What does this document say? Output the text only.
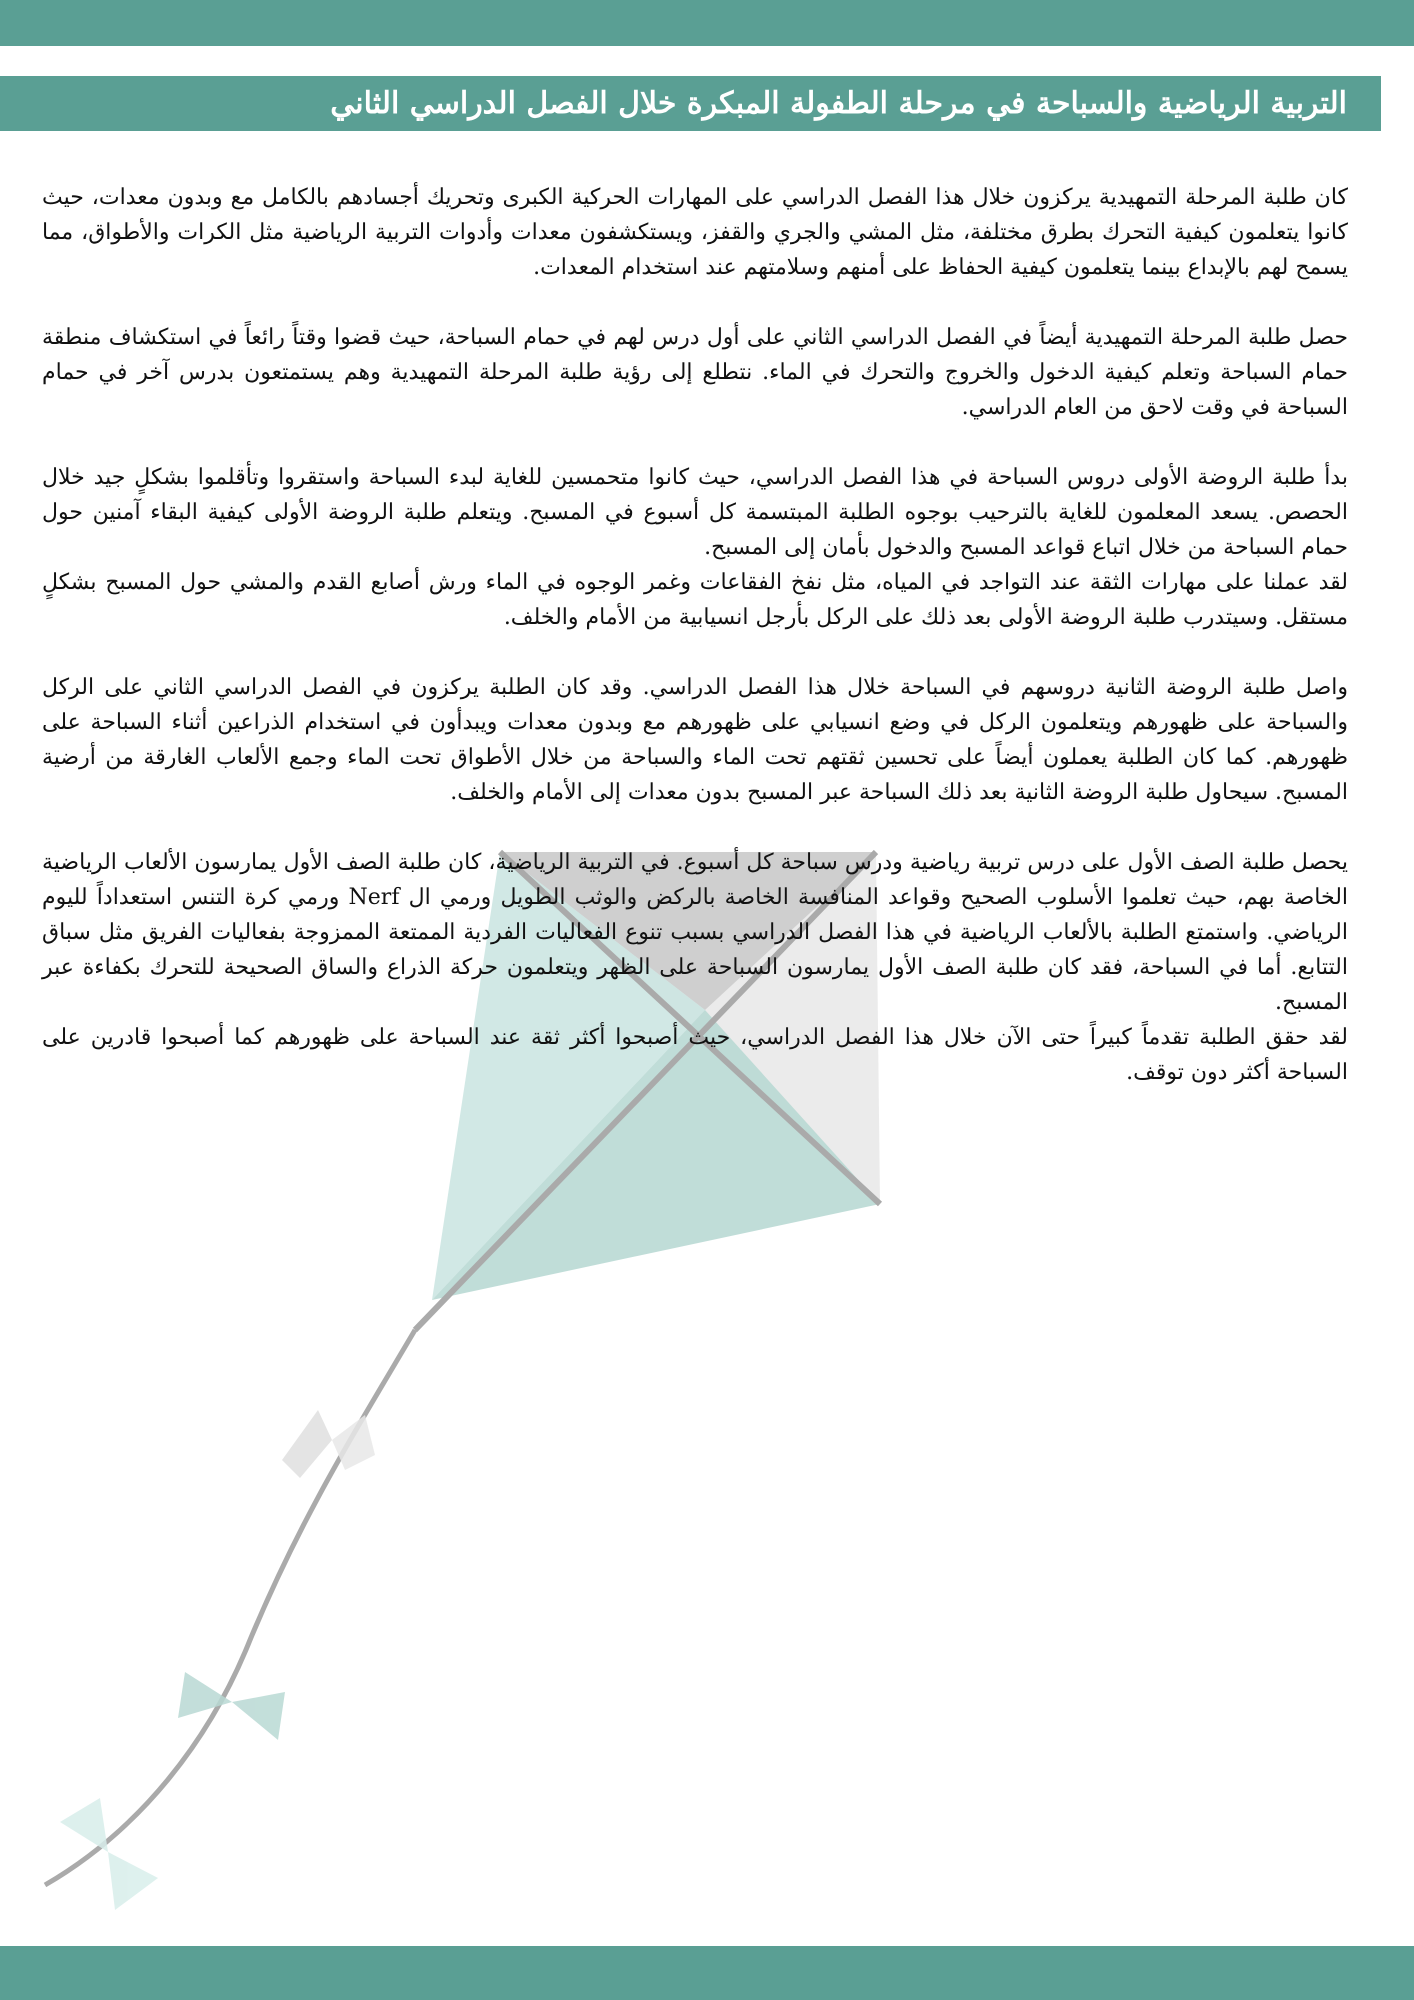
التربية الرياضية والسباحة في مرحلة الطفولة المبكرة خلال الفصل الدراسي الثاني

كان طلبة المرحلة التمهيدية يركزون خلال هذا الفصل الدراسي على المهارات الحركية الكبرى وتحريك أجسادهم بالكامل مع وبدون معدات، حيث كانوا يتعلمون كيفية التحرك بطرق مختلفة، مثل المشي والجري والقفز، ويستكشفون معدات وأدوات التربية الرياضية مثل الكرات والأطواق، مما يسمح لهم بالإبداع بينما يتعلمون كيفية الحفاظ على أمنهم وسلامتهم عند استخدام المعدات.

حصل طلبة المرحلة التمهيدية أيضاً في الفصل الدراسي الثاني على أول درس لهم في حمام السباحة، حيث قضوا وقتاً رائعاً في استكشاف منطقة حمام السباحة وتعلم كيفية الدخول والخروج والتحرك في الماء. نتطلع إلى رؤية طلبة المرحلة التمهيدية وهم يستمتعون بدرس آخر في حمام السباحة في وقت لاحق من العام الدراسي.

بدأ طلبة الروضة الأولى دروس السباحة في هذا الفصل الدراسي، حيث كانوا متحمسين للغاية لبدء السباحة واستقروا وتأقلموا بشكلٍ جيد خلال الحصص. يسعد المعلمون للغاية بالترحيب بوجوه الطلبة المبتسمة كل أسبوع في المسبح. ويتعلم طلبة الروضة الأولى كيفية البقاء آمنين حول حمام السباحة من خلال اتباع قواعد المسبح والدخول بأمان إلى المسبح.

لقد عملنا على مهارات الثقة عند التواجد في المياه، مثل نفخ الفقاعات وغمر الوجوه في الماء ورش أصابع القدم والمشي حول المسبح بشكلٍ مستقل. وسيتدرب طلبة الروضة الأولى بعد ذلك على الركل بأرجل انسيابية من الأمام والخلف.

واصل طلبة الروضة الثانية دروسهم في السباحة خلال هذا الفصل الدراسي. وقد كان الطلبة يركزون في الفصل الدراسي الثاني على الركل والسباحة على ظهورهم ويتعلمون الركل في وضع انسيابي على ظهورهم مع وبدون معدات ويبدأون في استخدام الذراعين أثناء السباحة على ظهورهم. كما كان الطلبة يعملون أيضاً على تحسين ثقتهم تحت الماء والسباحة من خلال الأطواق تحت الماء وجمع الألعاب الغارقة من أرضية المسبح. سيحاول طلبة الروضة الثانية بعد ذلك السباحة عبر المسبح بدون معدات إلى الأمام والخلف.

يحصل طلبة الصف الأول على درس تربية رياضية ودرس سباحة كل أسبوع. في التربية الرياضية، كان طلبة الصف الأول يمارسون الألعاب الرياضية الخاصة بهم، حيث تعلموا الأسلوب الصحيح وقواعد المنافسة الخاصة بالركض والوثب الطويل ورمي ال Nerf ورمي كرة التنس استعداداً لليوم الرياضي. واستمتع الطلبة بالألعاب الرياضية في هذا الفصل الدراسي بسبب تنوع الفعاليات الفردية الممتعة الممزوجة بفعاليات الفريق مثل سباق التتابع. أما في السباحة، فقد كان طلبة الصف الأول يمارسون السباحة على الظهر ويتعلمون حركة الذراع والساق الصحيحة للتحرك بكفاءة عبر المسبح.

لقد حقق الطلبة تقدماً كبيراً حتى الآن خلال هذا الفصل الدراسي، حيث أصبحوا أكثر ثقة عند السباحة على ظهورهم كما أصبحوا قادرين على السباحة أكثر دون توقف.
